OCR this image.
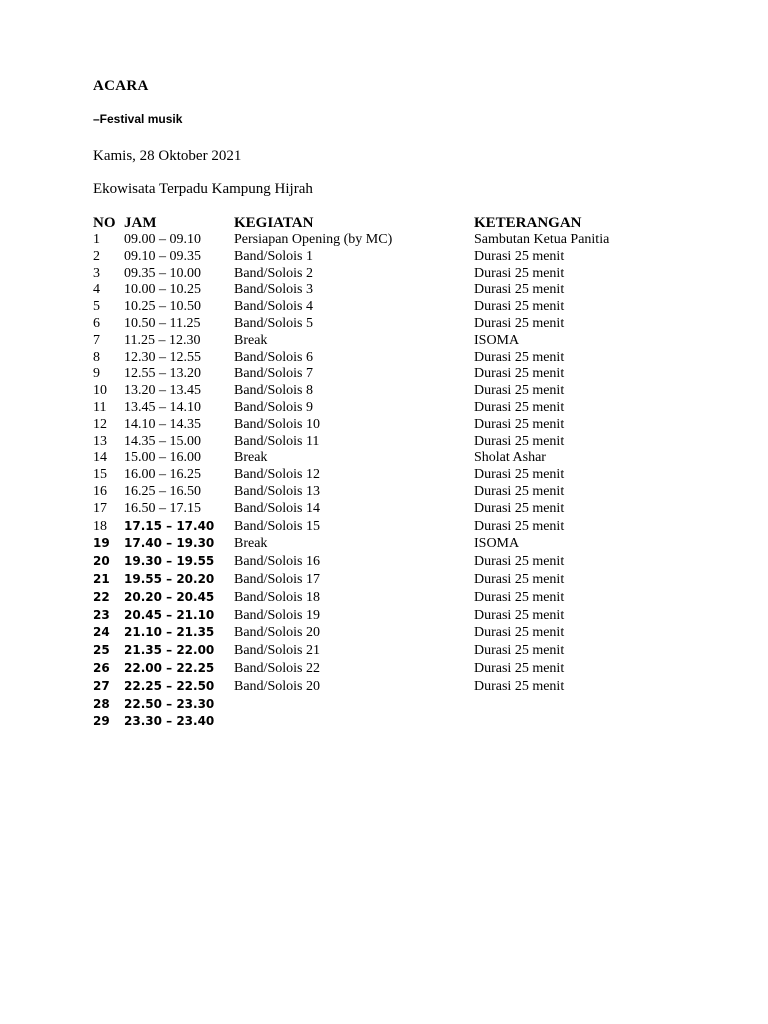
ACARA
–Festival musik
Kamis, 28 Oktober 2021
Ekowisata Terpadu Kampung Hijrah
NO JAM	KEGIATAN	KETERANGAN
1 09.00 – 09.10 Persiapan Opening (by MC)	Sambutan Ketua Panitia
2 09.10 – 09.35 Band/Solois 1	Durasi 25 menit
3 09.35 – 10.00 Band/Solois 2	Durasi 25 menit
4 10.00 – 10.25 Band/Solois 3	Durasi 25 menit
5 10.25 – 10.50 Band/Solois 4	Durasi 25 menit
6 10.50 – 11.25 Band/Solois 5	Durasi 25 menit
7 11.25 – 12.30 Break	ISOMA
8 12.30 – 12.55 Band/Solois 6	Durasi 25 menit
9 12.55 – 13.20 Band/Solois 7	Durasi 25 menit
10 13.20 – 13.45 Band/Solois 8	Durasi 25 menit
11 13.45 – 14.10 Band/Solois 9	Durasi 25 menit
12 14.10 – 14.35 Band/Solois 10	Durasi 25 menit
13 14.35 – 15.00 Band/Solois 11	Durasi 25 menit
14 15.00 – 16.00 Break	Sholat Ashar
15 16.00 – 16.25 Band/Solois 12	Durasi 25 menit
16 16.25 – 16.50 Band/Solois 13	Durasi 25 menit
17 16.50 – 17.15 Band/Solois 14	Durasi 25 menit
18 17.15 – 17.40 Band/Solois 15	Durasi 25 menit
19 17.40 – 19.30 Break	ISOMA
20 19.30 – 19.55 Band/Solois 16	Durasi 25 menit
21 19.55 – 20.20 Band/Solois 17	Durasi 25 menit
22 20.20 – 20.45 Band/Solois 18	Durasi 25 menit
23 20.45 – 21.10 Band/Solois 19	Durasi 25 menit
24 21.10 – 21.35 Band/Solois 20	Durasi 25 menit
25 21.35 – 22.00 Band/Solois 21	Durasi 25 menit
26 22.00 – 22.25 Band/Solois 22	Durasi 25 menit
27 22.25 – 22.50 Band/Solois 20	Durasi 25 menit
28 22.50 – 23.30
29 23.30 – 23.40
